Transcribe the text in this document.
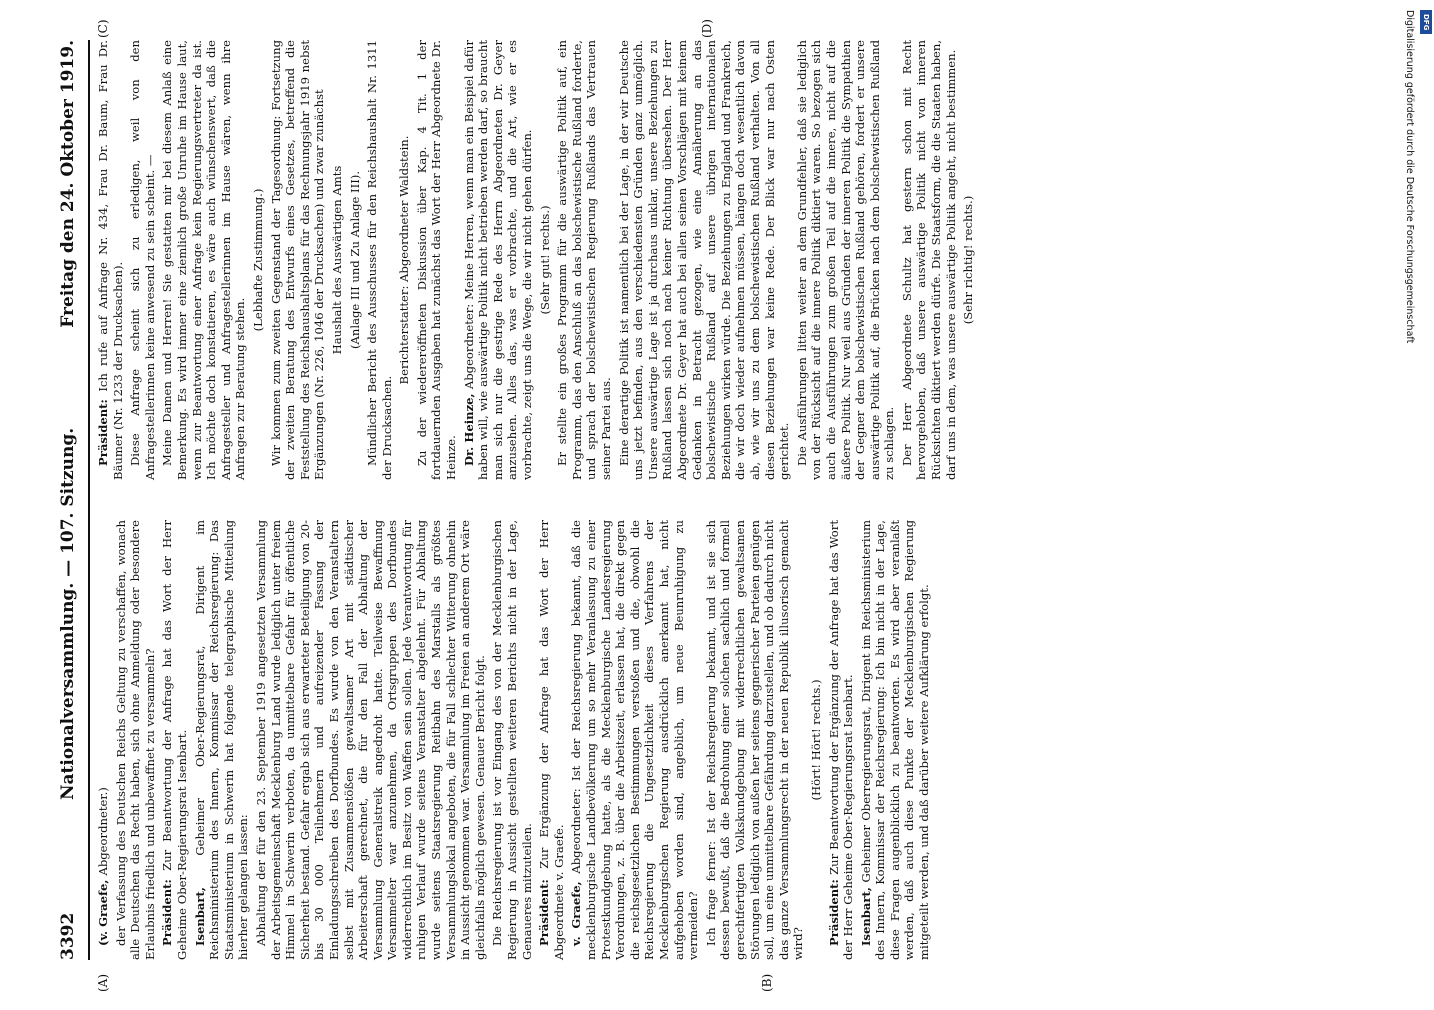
3392
Nationalversammlung. — 107. Sitzung.
Freitag den 24. Oktober 1919.
(A)	(B)
(C)	(D)

(v. Graefe, Abgeordneter.) der Verfassung des Deutschen Reichs Geltung zu verschaffen, wonach alle Deutschen das Recht haben, sich ohne Anmeldung oder besondere Erlaubnis friedlich und unbewaffnet zu versammeln? Präsident: Zur Beantwortung der Anfrage hat das Wort der Herr Geheime Ober-Regierungsrat Isenbart. Isenbart, Geheimer Ober-Regierungsrat, Dirigent im Reichsministerium des Innern, Kommissar der Reichsregierung: Das Staatsministerium in Schwerin hat folgende telegraphische Mitteilung hierher gelangen lassen: Abhaltung der für den 23. September 1919 angesetzten Versammlung der Arbeitsgemeinschaft Mecklenburg Land wurde lediglich unter freiem Himmel in Schwerin verboten, da unmittelbare Gefahr für öffentliche Sicherheit bestand. Gefahr ergab sich aus erwarteter Beteiligung von 20- bis 30 000 Teilnehmern und aufreizender Fassung der Einladungsschreiben des Dorfbundes. Es wurde von den Veranstaltern selbst mit Zusammenstößen gewaltsamer Art mit städtischer Arbeiterschaft gerechnet, die für den Fall der Abhaltung der Versammlung Generalstreik angedroht hatte. Teilweise Bewaffnung Versammelter war anzunehmen, da Ortsgruppen des Dorfbundes widerrechtlich im Besitz von Waffen sein sollen. Jede Verantwortung für ruhigen Verlauf wurde seitens Veranstalter abgelehnt. Für Abhaltung wurde seitens Staatsregierung Reitbahn des Marstalls als größtes Versammlungslokal angeboten, die für Fall schlechter Witterung ohnehin in Aussicht genommen war. Versammlung im Freien an anderem Ort wäre gleichfalls möglich gewesen. Genauer Bericht folgt. Die Reichsregierung ist vor Eingang des von der Mecklenburgischen Regierung in Aussicht gestellten weiteren Berichts nicht in der Lage, Genaueres mitzuteilen. Präsident: Zur Ergänzung der Anfrage hat das Wort der Herr Abgeordnete v. Graefe. v. Graefe, Abgeordneter: Ist der Reichsregierung bekannt, daß die mecklenburgische Landbevölkerung um so mehr Veranlassung zu einer Protestkundgebung hatte, als die Mecklenburgische Landesregierung Verordnungen, z. B. über die Arbeitszeit, erlassen hat, die direkt gegen die reichsgesetzlichen Bestimmungen verstoßen und die, obwohl die Reichsregierung die Ungesetzlichkeit dieses Verfahrens der Mecklenburgischen Regierung ausdrücklich anerkannt hat, nicht aufgehoben worden sind, angeblich, um neue Beunruhigung zu vermeiden? Ich frage ferner: Ist der Reichsregierung bekannt, und ist sie sich dessen bewußt, daß die Bedrohung einer solchen sachlich und formell gerechtfertigten Volkskundgebung mit widerrechtlichen gewaltsamen Störungen lediglich von außen her seitens gegnerischer Parteien genügen soll, um eine unmittelbare Gefährdung darzustellen, und ob dadurch nicht das ganze Versammlungsrecht in der neuen Republik illusorisch gemacht wird?

(Hört! Hört! rechts.)

Präsident: Zur Beantwortung der Ergänzung der Anfrage hat das Wort der Herr Geheime Ober-Regierungsrat Isenbart. Isenbart, Geheimer Oberregierungsrat, Dirigent im Reichsministerium des Innern, Kommissar der Reichsregierung: Ich bin nicht in der Lage, diese Fragen augenblicklich zu beantworten. Es wird aber veranlaßt werden, daß auch diese Punkte der Mecklenburgischen Regierung mitgeteilt werden, und daß darüber weitere Aufklärung erfolgt.

Präsident: Ich rufe auf Anfrage Nr. 434, Frau Dr. Baum, Frau Dr. Bäumer (Nr. 1233 der Drucksachen). Diese Anfrage scheint sich zu erledigen, weil von den Anfragestellerinnen keine anwesend zu sein scheint. — Meine Damen und Herren! Sie gestatten mir bei diesem Anlaß eine Bemerkung. Es wird immer eine ziemlich große Unruhe im Hause laut, wenn zur Beantwortung einer Anfrage kein Regierungsvertreter da ist. Ich möchte doch konstatieren, es wäre auch wünschenswert, daß die Anfragesteller und Anfragestellerinnen im Hause wären, wenn ihre Anfragen zur Beratung stehen.

(Lebhafte Zustimmung.) Wir kommen zum zweiten Gegenstand der Tagesordnung: Fortsetzung der zweiten Beratung des Entwurfs eines Gesetzes, betreffend die Feststellung des Reichshaushaltsplans für das Rechnungsjahr 1919 nebst Ergänzungen (Nr. 226, 1046 der Drucksachen) und zwar zunächst Haushalt des Auswärtigen Amts (Anlage III und Zu Anlage III). Mündlicher Bericht des Ausschusses für den Reichshaushalt Nr. 1311 der Drucksachen.

Berichterstatter: Abgeordneter Waldstein. Zu der wiedereröffneten Diskussion über Kap. 4 Tit. 1 der fortdauernden Ausgaben hat zunächst das Wort der Herr Abgeordnete Dr. Heinze. Dr. Heinze, Abgeordneter: Meine Herren, wenn man ein Beispiel dafür haben will, wie auswärtige Politik nicht betrieben werden darf, so braucht man sich nur die gestrige Rede des Herrn Abgeordneten Dr. Geyer anzusehen. Alles das, was er vorbrachte, und die Art, wie er es vorbrachte, zeigt uns die Wege, die wir nicht gehen dürfen. (Sehr gut! rechts.) Er stellte ein großes Programm für die auswärtige Politik auf, ein Programm, das den Anschluß an das bolschewistische Rußland forderte, und sprach der bolschewistischen Regierung Rußlands das Vertrauen seiner Partei aus. Eine derartige Politik ist namentlich bei der Lage, in der wir Deutsche uns jetzt befinden, aus den verschiedensten Gründen ganz unmöglich. Unsere auswärtige Lage ist ja durchaus unklar, unsere Beziehungen zu Rußland lassen sich noch nach keiner Richtung übersehen. Der Herr Abgeordnete Dr. Geyer hat auch bei allen seinen Vorschlägen mit keinem Gedanken in Betracht gezogen, wie eine Annäherung an das bolschewistische Rußland auf unsere übrigen internationalen Beziehungen wirken würde. Die Beziehungen zu England und Frankreich, die wir doch wieder aufnehmen müssen, hängen doch wesentlich davon ab, wie wir uns zu dem bolschewistischen Rußland verhalten. Von all diesen Beziehungen war keine Rede. Der Blick war nur nach Osten gerichtet. Die Ausführungen litten weiter an dem Grundfehler, daß sie lediglich von der Rücksicht auf die innere Politik diktiert waren. So bezogen sich auch die Ausführungen zum großen Teil auf die innere, nicht auf die äußere Politik. Nur weil aus Gründen der inneren Politik die Sympathien der Gegner dem bolschewistischen Rußland gehören, fordert er unsere auswärtige Politik auf, die Brücken nach dem bolschewistischen Rußland zu schlagen. Der Herr Abgeordnete Schultz hat gestern schon mit Recht hervorgehoben, daß unsere auswärtige Politik nicht von inneren Rücksichten diktiert werden dürfe. Die Staatsform, die die Staaten haben, darf uns in dem, was unsere auswärtige Politik angeht, nicht bestimmen. (Sehr richtig! rechts.)	Digitalisierung gefördert durch die Deutsche Forschungsgemeinschaft DFG
